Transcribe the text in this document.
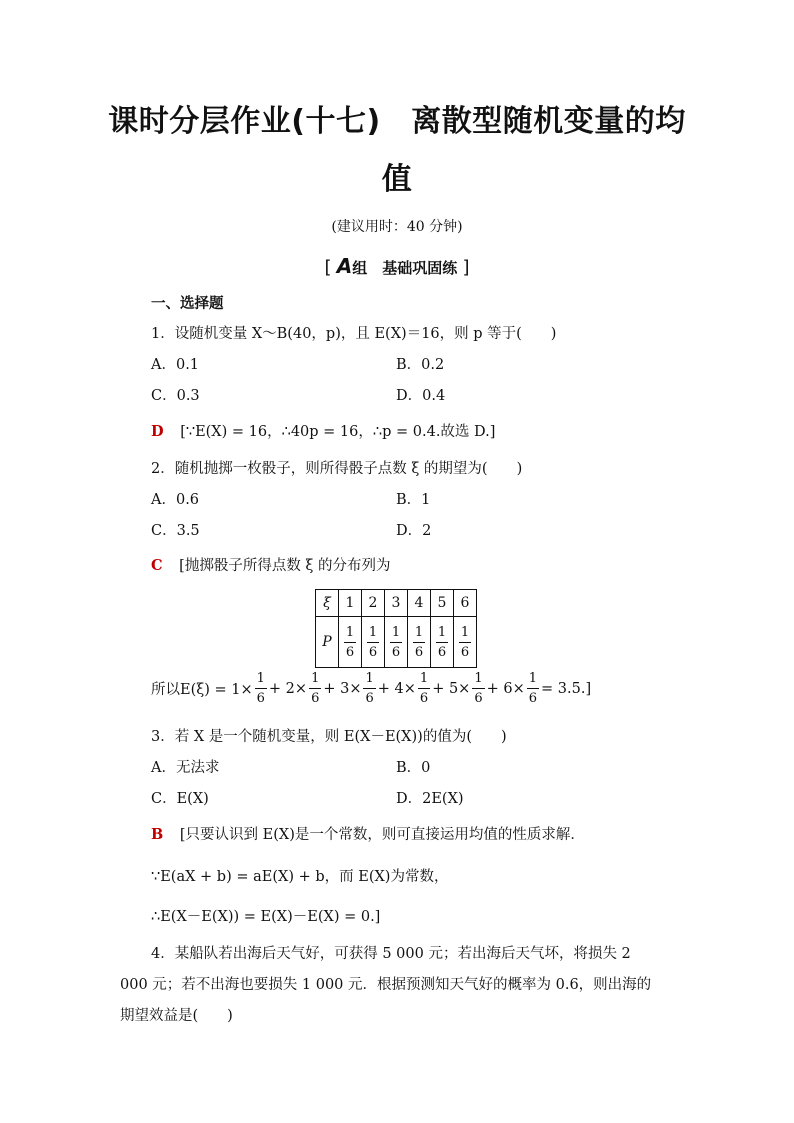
课时分层作业(十七)　离散型随机变量的均
值
(建议用时：40 分钟)
[ A组　基础巩固练 ]
一、选择题
1．设随机变量 X～B(40，p)，且 E(X)＝16，则 p 等于(　　)
A．0.1	B．0.2
C．0.3	D．0.4
D [∵E(X) = 16，∴40p = 16，∴p = 0.4.故选 D.]
2．随机抛掷一枚骰子，则所得骰子点数 ξ 的期望为(　　)
A．0.6	B．1
C．3.5	D．2
C [抛掷骰子所得点数 ξ 的分布列为
ξ	1	2	3	4	5	6
P	$\frac{1}{6}$	$\frac{1}{6}$	$\frac{1}{6}$	$\frac{1}{6}$	$\frac{1}{6}$	$\frac{1}{6}$
所以$E(\xi) = 1\times \frac{1}{6} + 2\times \frac{1}{6} + 3\times \frac{1}{6} + 4\times \frac{1}{6} + 5\times \frac{1}{6} + 6\times \frac{1}{6} = 3.5$.]
3．若 X 是一个随机变量，则 E(X－E(X))的值为(　　)
A．无法求	B．0
C．E(X)	D．2E(X)
B [只要认识到 E(X)是一个常数，则可直接运用均值的性质求解．
∵E(aX + b) = aE(X) + b，而 E(X)为常数，
∴E(X－E(X)) = E(X)－E(X) = 0.]
4．某船队若出海后天气好，可获得 5 000 元；若出海后天气坏，将损失 2
000 元；若不出海也要损失 1 000 元．根据预测知天气好的概率为 0.6，则出海的
期望效益是(　　)
